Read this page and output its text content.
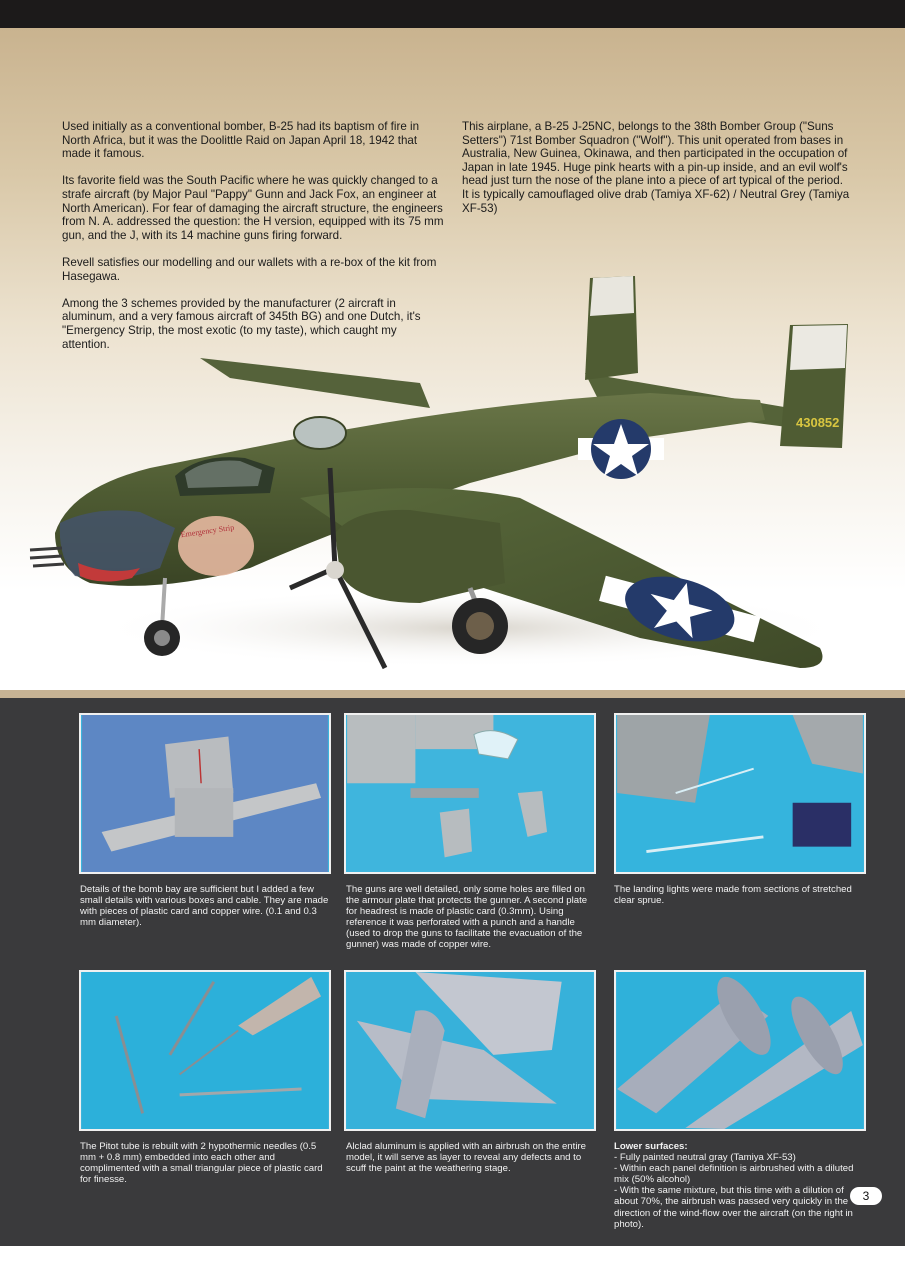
430852
Emergency Strip

Used initially as a conventional bomber, B-25 had its baptism of fire in North Africa, but it was the Doolittle Raid on Japan April 18, 1942 that made it famous.

Its favorite field was the South Pacific where he was quickly changed to a strafe aircraft (by Major Paul "Pappy" Gunn and Jack Fox, an engineer at North American). For fear of damaging the aircraft structure, the engineers from N. A. addressed the question: the H version, equipped with its 75 mm gun, and the J, with its 14 machine guns firing forward.

Revell satisfies our modelling and our wallets with a re-box of the kit from Hasegawa.

Among the 3 schemes provided by the manufacturer (2 aircraft in aluminum, and a very famous aircraft of 345th BG) and one Dutch, it's "Emergency Strip, the most exotic (to my taste), which caught my attention.

This airplane, a B-25 J-25NC, belongs to the 38th Bomber Group ("Suns Setters") 71st Bomber Squadron ("Wolf"). This unit operated from bases in Australia, New Guinea, Okinawa, and then participated in the occupation of Japan in late 1945. Huge pink hearts with a pin-up inside, and an evil wolf's head just turn the nose of the plane into a piece of art typical of the period. It is typically camouflaged olive drab (Tamiya XF-62) / Neutral Grey (Tamiya XF-53)

Details of the bomb bay are sufficient but I added a few small details with various boxes and cable. They are made with pieces of plastic card and copper wire. (0.1 and 0.3 mm diameter).
The guns are well detailed, only some holes are filled on the armour plate that protects the gunner. A second plate for headrest is made of plastic card (0.3mm). Using reference it was perforated with a punch and a handle (used to drop the guns to facilitate the evacuation of the gunner) was made of copper wire.
The landing lights were made from sections of stretched clear sprue.
The Pitot tube is rebuilt with 2 hypothermic needles (0.5 mm + 0.8 mm) embedded into each other and complimented with a small triangular piece of plastic card for finesse.
Alclad aluminum is applied with an airbrush on the entire model, it will serve as layer to reveal any defects and to scuff the paint at the weathering stage.
Lower surfaces:
- Fully painted neutral gray (Tamiya XF-53)
- Within each panel definition is airbrushed with a diluted mix (50% alcohol)
- With the same mixture, but this time with a dilution of about 70%, the airbrush was passed very quickly in the direction of the wind-flow over the aircraft (on the right in photo).
3
